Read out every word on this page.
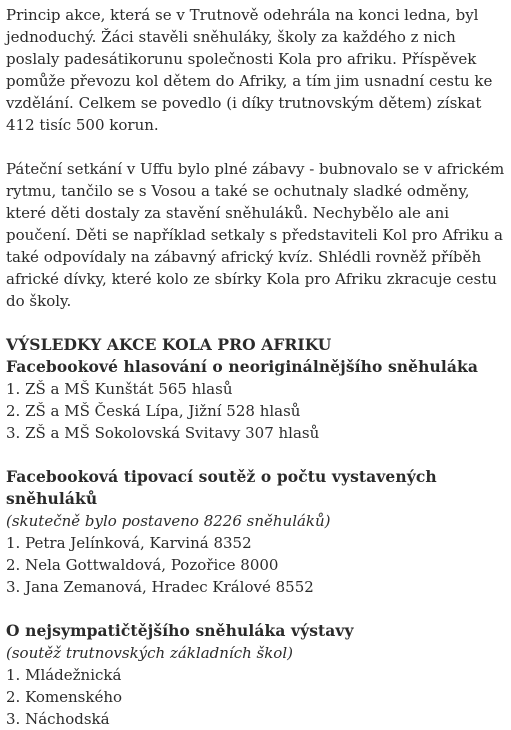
Princip akce, která se v Trutnově odehrála na konci ledna, byl jednoduchý. Žáci stavěli sněhuláky, školy za každého z nich poslaly padesátikorunu společnosti Kola pro afriku. Příspěvek pomůže převozu kol dětem do Afriky, a tím jim usnadní cestu ke vzdělání. Celkem se povedlo (i díky trutnovským dětem) získat 412 tisíc 500 korun.

Páteční setkání v Uffu bylo plné zábavy - bubnovalo se v africkém rytmu, tančilo se s Vosou a také se ochutnaly sladké odměny, které děti dostaly za stavění sněhuláků. Nechybělo ale ani poučení. Děti se například setkaly s představiteli Kol pro Afriku a také odpovídaly na zábavný africký kvíz. Shlédli rovněž příběh africké dívky, které kolo ze sbírky Kola pro Afriku zkracuje cestu do školy.

VÝSLEDKY AKCE KOLA PRO AFRIKU
Facebookové hlasování o neoriginálnějšího sněhuláka
1. ZŠ a MŠ Kunštát 565 hlasů
2. ZŠ a MŠ Česká Lípa, Jižní 528 hlasů
3. ZŠ a MŠ Sokolovská Svitavy 307 hlasů
Facebooková tipovací soutěž o počtu vystavených sněhuláků
(skutečně bylo postaveno 8226 sněhuláků)
1. Petra Jelínková, Karviná 8352
2. Nela Gottwaldová, Pozořice 8000
3. Jana Zemanová, Hradec Králové 8552
O nejsympatičtějšího sněhuláka výstavy
(soutěž trutnovských základních škol)
1. Mládežnická
2. Komenského
3. Náchodská
